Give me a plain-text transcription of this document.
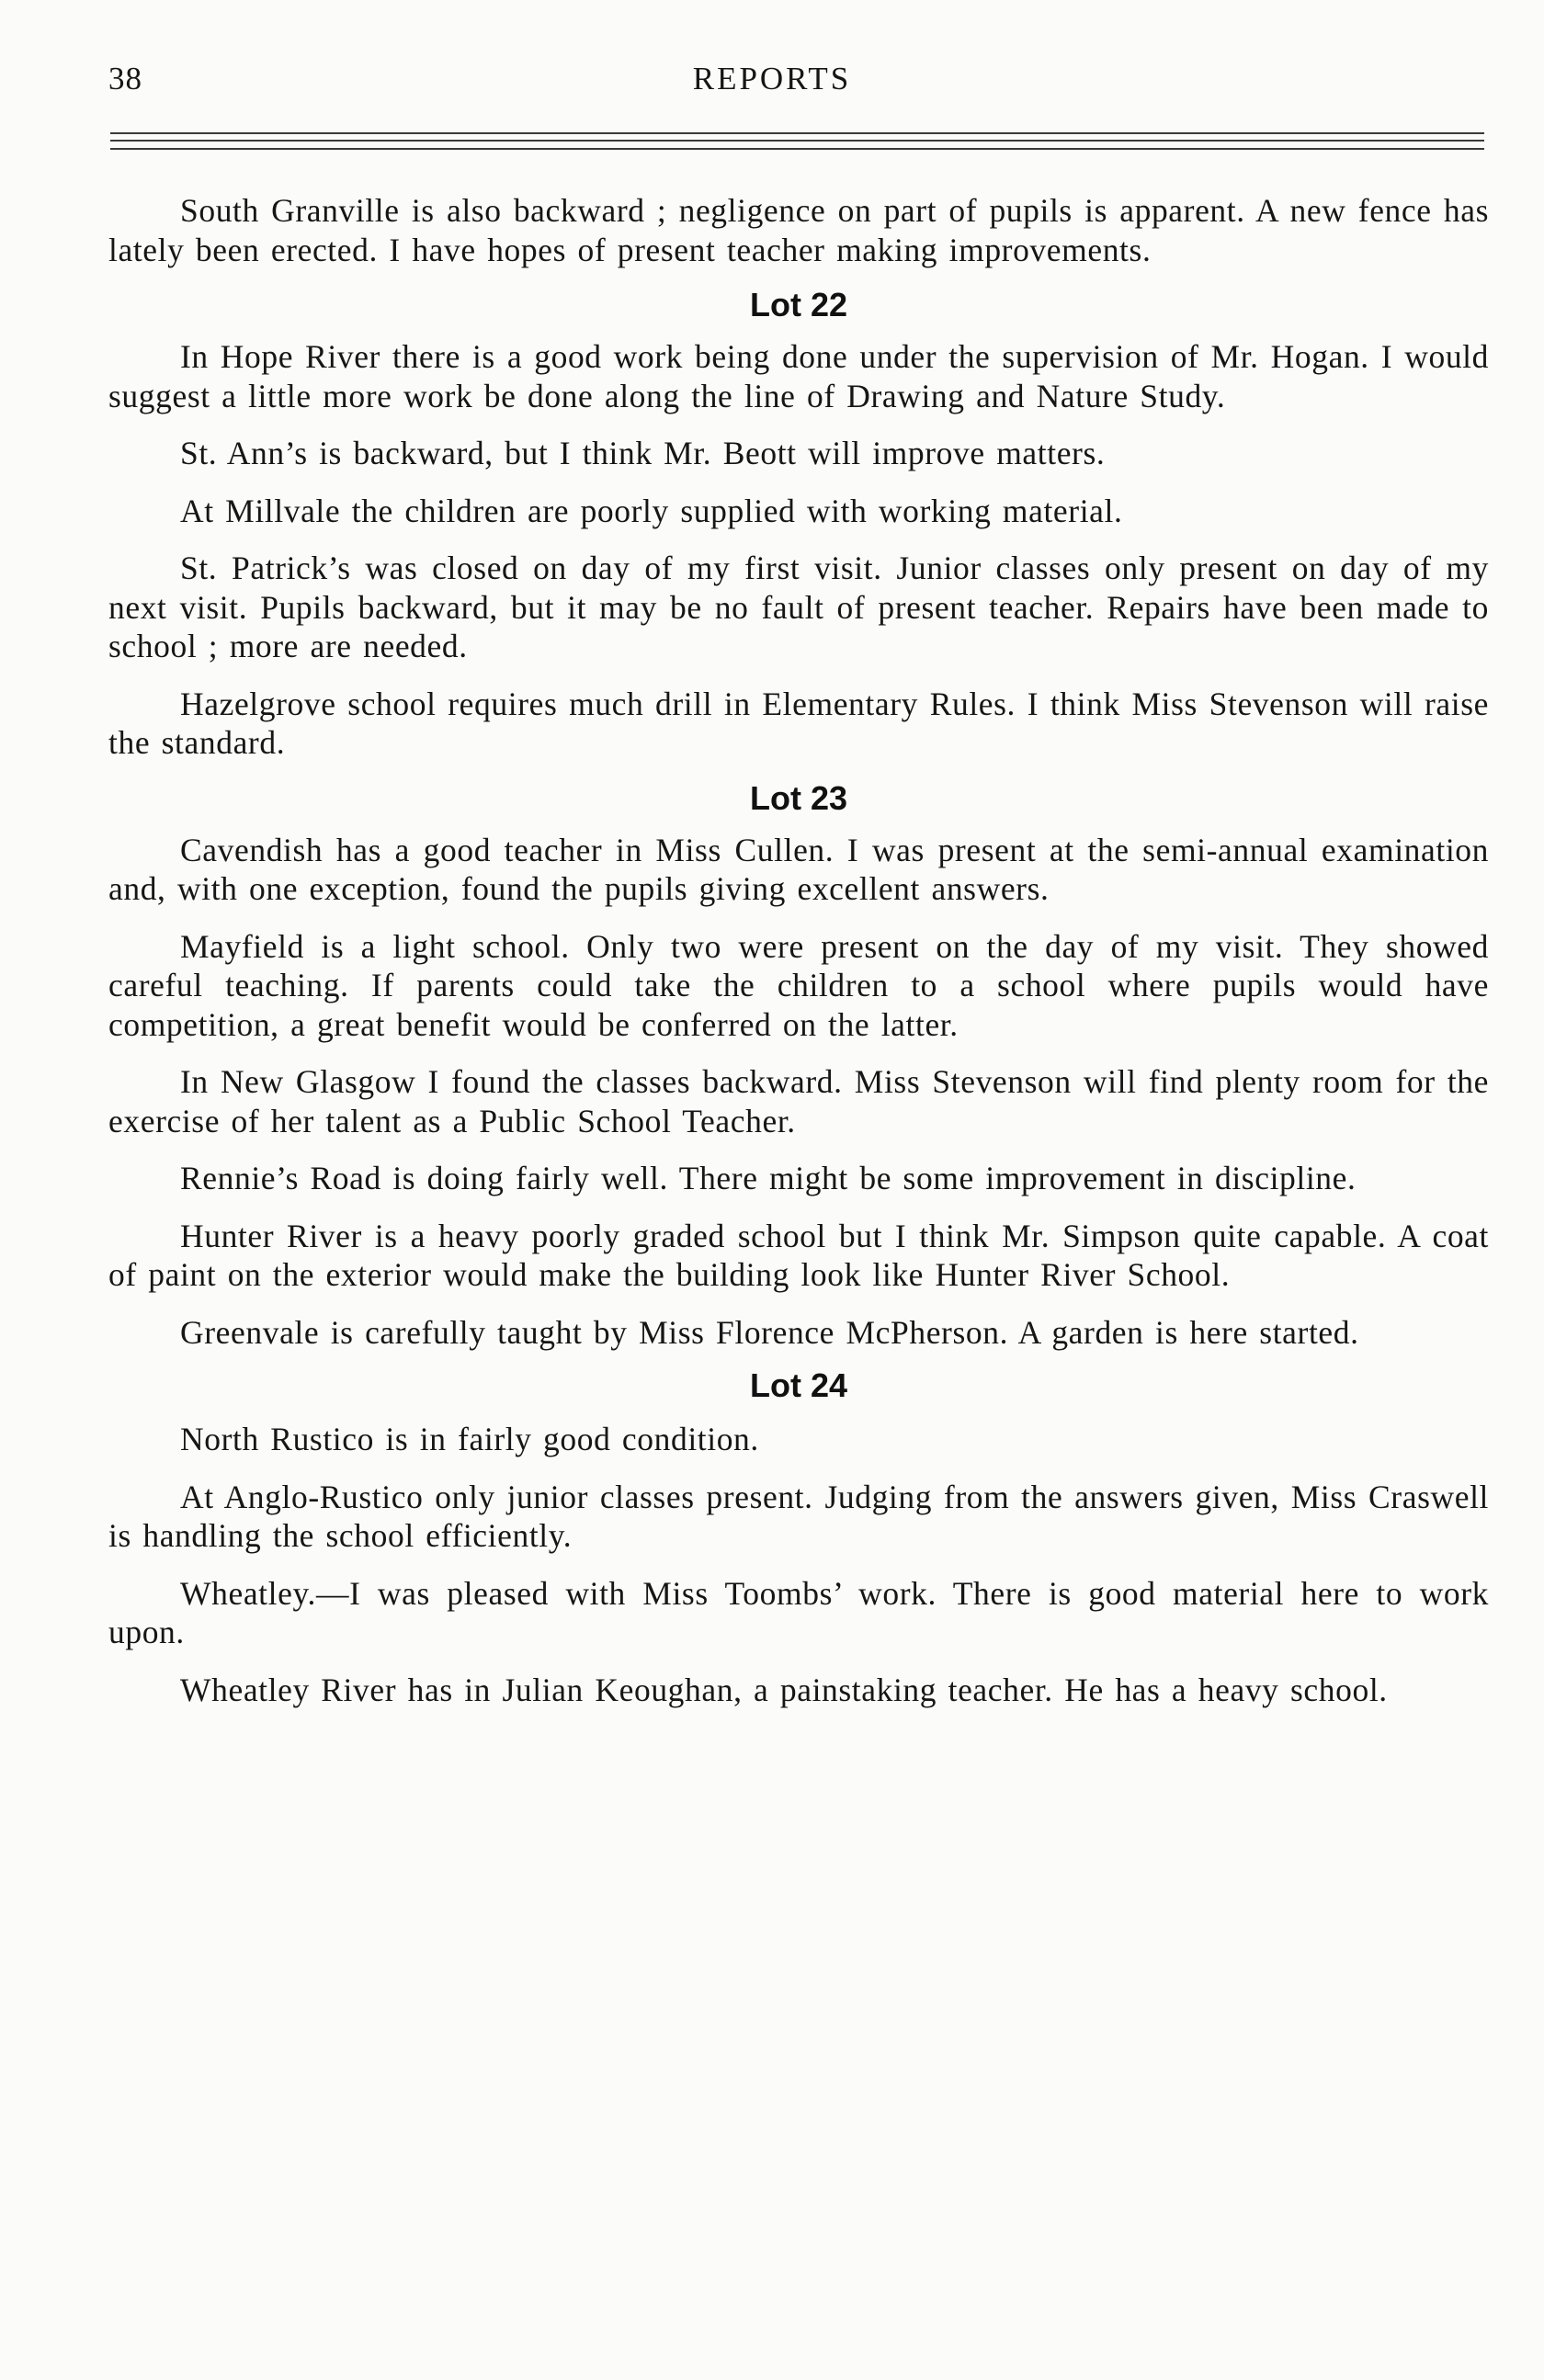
38	REPORTS

South Granville is also backward ; negligence on part of pupils is apparent. A new fence has lately been erected. I have hopes of present teacher making improvements.

Lot 22

In Hope River there is a good work being done under the supervision of Mr. Hogan. I would suggest a little more work be done along the line of Drawing and Nature Study.

St. Ann’s is backward, but I think Mr. Beott will improve matters.

At Millvale the children are poorly supplied with working material.

St. Patrick’s was closed on day of my first visit. Junior classes only present on day of my next visit. Pupils backward, but it may be no fault of present teacher. Repairs have been made to school ; more are needed.

Hazelgrove school requires much drill in Elementary Rules. I think Miss Stevenson will raise the standard.

Lot 23

Cavendish has a good teacher in Miss Cullen. I was present at the semi-annual examination and, with one exception, found the pupils giving excellent answers.

Mayfield is a light school. Only two were present on the day of my visit. They showed careful teaching. If parents could take the children to a school where pupils would have competition, a great benefit would be conferred on the latter.

In New Glasgow I found the classes backward. Miss Stevenson will find plenty room for the exercise of her talent as a Public School Teacher.

Rennie’s Road is doing fairly well. There might be some improvement in discipline.

Hunter River is a heavy poorly graded school but I think Mr. Simpson quite capable. A coat of paint on the exterior would make the building look like Hunter River School.

Greenvale is carefully taught by Miss Florence McPherson. A garden is here started.

Lot 24

North Rustico is in fairly good condition.

At Anglo-Rustico only junior classes present. Judging from the answers given, Miss Craswell is handling the school efficiently.

Wheatley.—I was pleased with Miss Toombs’ work. There is good material here to work upon.

Wheatley River has in Julian Keoughan, a painstaking teacher. He has a heavy school.
